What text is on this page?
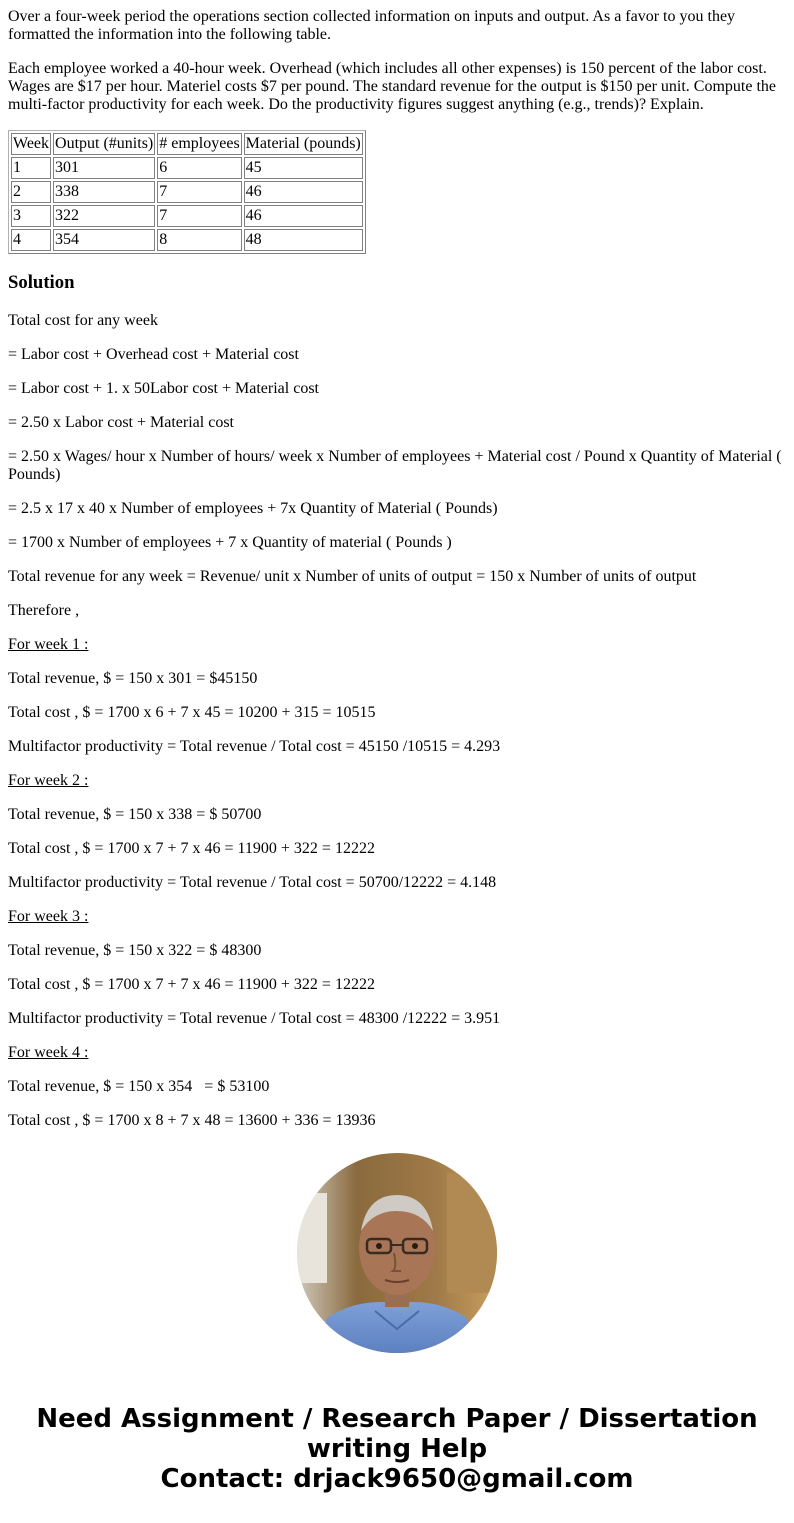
Over a four-week period the operations section collected information on inputs and output. As a favor to you they formatted the information into the following table.

Each employee worked a 40-hour week. Overhead (which includes all other expenses) is 150 percent of the labor cost. Wages are $17 per hour. Materiel costs $7 per pound. The standard revenue for the output is $150 per unit. Compute the multi-factor productivity for each week. Do the productivity figures suggest anything (e.g., trends)? Explain.

Week	Output (#units)	# employees	Material (pounds)
1	301	6	45
2	338	7	46
3	322	7	46
4	354	8	48
Solution

Total cost for any week

= Labor cost + Overhead cost + Material cost

= Labor cost + 1. x 50Labor cost + Material cost

= 2.50 x Labor cost + Material cost

= 2.50 x Wages/ hour x Number of hours/ week x Number of employees + Material cost / Pound x Quantity of Material ( Pounds)

= 2.5 x 17 x 40 x Number of employees + 7x Quantity of Material ( Pounds)

= 1700 x Number of employees + 7 x Quantity of material ( Pounds )

Total revenue for any week = Revenue/ unit x Number of units of output = 150 x Number of units of output

Therefore ,

For week 1 :

Total revenue, $ = 150 x 301 = $45150

Total cost , $ = 1700 x 6 + 7 x 45 = 10200 + 315 = 10515

Multifactor productivity = Total revenue / Total cost = 45150 /10515 = 4.293

For week 2 :

Total revenue, $ = 150 x 338 = $ 50700

Total cost , $ = 1700 x 7 + 7 x 46 = 11900 + 322 = 12222

Multifactor productivity = Total revenue / Total cost = 50700/12222 = 4.148

For week 3 :

Total revenue, $ = 150 x 322 = $ 48300

Total cost , $ = 1700 x 7 + 7 x 46 = 11900 + 322 = 12222

Multifactor productivity = Total revenue / Total cost = 48300 /12222 = 3.951

For week 4 :

Total revenue, $ = 150 x 354   = $ 53100

Total cost , $ = 1700 x 8 + 7 x 48 = 13600 + 336 = 13936

Need Assignment / Research Paper / Dissertation writing Help
Contact: drjack9650@gmail.com
